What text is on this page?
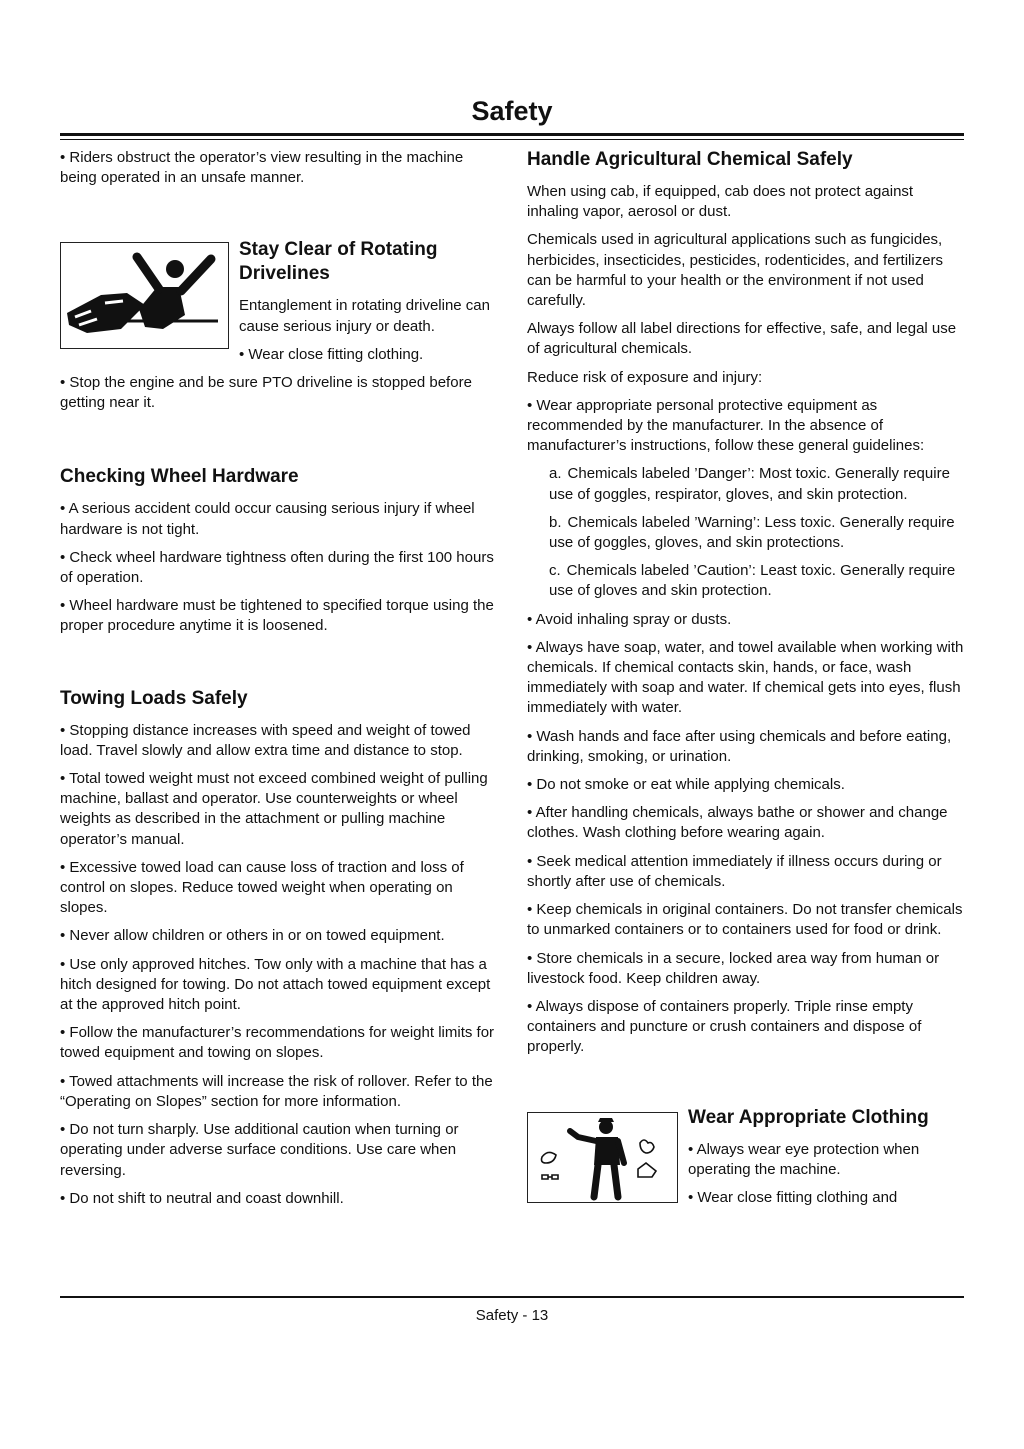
Safety

• Riders obstruct the operator’s view resulting in the machine being operated in an unsafe manner.

Stay Clear of Rotating Drivelines

Entanglement in rotating driveline can cause serious injury or death.

• Wear close fitting clothing.

• Stop the engine and be sure PTO driveline is stopped before getting near it.

Checking Wheel Hardware

• A serious accident could occur causing serious injury if wheel hardware is not tight.

• Check wheel hardware tightness often during the first 100 hours of operation.

• Wheel hardware must be tightened to specified torque using the proper procedure anytime it is loosened.

Towing Loads Safely

• Stopping distance increases with speed and weight of towed load. Travel slowly and allow extra time and distance to stop.

• Total towed weight must not exceed combined weight of pulling machine, ballast and operator. Use counterweights or wheel weights as described in the attachment or pulling machine operator’s manual.

• Excessive towed load can cause loss of traction and loss of control on slopes. Reduce towed weight when operating on slopes.

• Never allow children or others in or on towed equipment.

• Use only approved hitches. Tow only with a machine that has a hitch designed for towing. Do not attach towed equipment except at the approved hitch point.

• Follow the manufacturer’s recommendations for weight limits for towed equipment and towing on slopes.

• Towed attachments will increase the risk of rollover. Refer to the “Operating on Slopes” section for more information.

• Do not turn sharply. Use additional caution when turning or operating under adverse surface conditions. Use care when reversing.

• Do not shift to neutral and coast downhill.

Handle Agricultural Chemical Safely

When using cab, if equipped, cab does not protect against inhaling vapor, aerosol or dust.

Chemicals used in agricultural applications such as fungicides, herbicides, insecticides, pesticides, rodenticides, and fertilizers can be harmful to your health or the environment if not used carefully.

Always follow all label directions for effective, safe, and legal use of agricultural chemicals.

Reduce risk of exposure and injury:

• Wear appropriate personal protective equipment as recommended by the manufacturer. In the absence of manufacturer’s instructions, follow these general guidelines:

a. Chemicals labeled ’Danger’: Most toxic. Generally require use of goggles, respirator, gloves, and skin protection.

b. Chemicals labeled ’Warning’: Less toxic. Generally require use of goggles, gloves, and skin protections.

c. Chemicals labeled ’Caution’: Least toxic. Generally require use of gloves and skin protection.

• Avoid inhaling spray or dusts.

• Always have soap, water, and towel available when working with chemicals. If chemical contacts skin, hands, or face, wash immediately with soap and water. If chemical gets into eyes, flush immediately with water.

• Wash hands and face after using chemicals and before eating, drinking, smoking, or urination.

• Do not smoke or eat while applying chemicals.

• After handling chemicals, always bathe or shower and change clothes. Wash clothing before wearing again.

• Seek medical attention immediately if illness occurs during or shortly after use of chemicals.

• Keep chemicals in original containers. Do not transfer chemicals to unmarked containers or to containers used for food or drink.

• Store chemicals in a secure, locked area way from human or livestock food. Keep children away.

• Always dispose of containers properly. Triple rinse empty containers and puncture or crush containers and dispose of properly.

Wear Appropriate Clothing

• Always wear eye protection when operating the machine.

• Wear close fitting clothing and

Safety - 13
